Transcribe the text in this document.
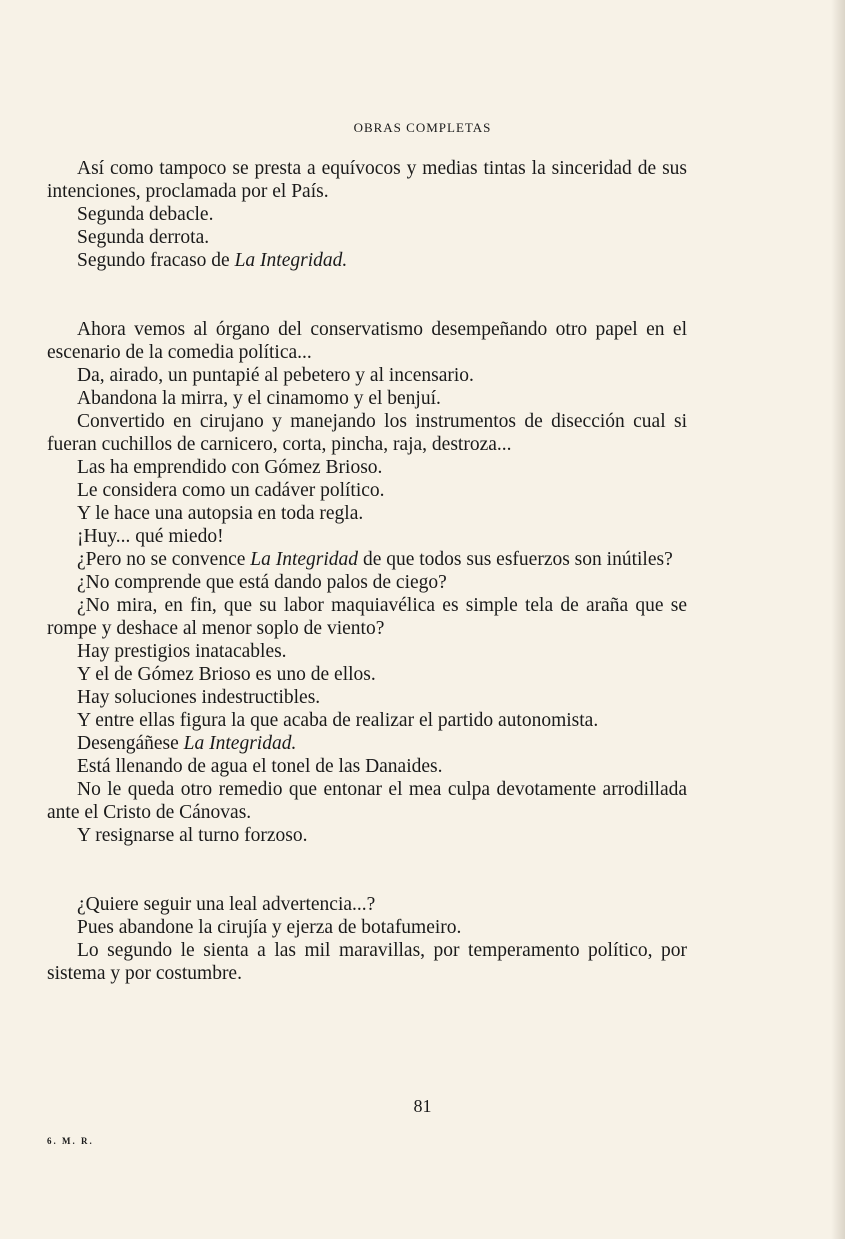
OBRAS COMPLETAS

Así como tampoco se presta a equívocos y medias tintas la sinceridad de sus intenciones, proclamada por el País.

Segunda debacle.

Segunda derrota.

Segundo fracaso de La Integridad.

Ahora vemos al órgano del conservatismo desempeñando otro papel en el escenario de la comedia política...

Da, airado, un puntapié al pebetero y al incensario.

Abandona la mirra, y el cinamomo y el benjuí.

Convertido en cirujano y manejando los instrumentos de disección cual si fueran cuchillos de carnicero, corta, pincha, raja, destroza...

Las ha emprendido con Gómez Brioso.

Le considera como un cadáver político.

Y le hace una autopsia en toda regla.

¡Huy... qué miedo!

¿Pero no se convence La Integridad de que todos sus esfuerzos son inútiles?

¿No comprende que está dando palos de ciego?

¿No mira, en fin, que su labor maquiavélica es simple tela de araña que se rompe y deshace al menor soplo de viento?

Hay prestigios inatacables.

Y el de Gómez Brioso es uno de ellos.

Hay soluciones indestructibles.

Y entre ellas figura la que acaba de realizar el partido autonomista.

Desengáñese La Integridad.

Está llenando de agua el tonel de las Danaides.

No le queda otro remedio que entonar el mea culpa devotamente arrodillada ante el Cristo de Cánovas.

Y resignarse al turno forzoso.

¿Quiere seguir una leal advertencia...?

Pues abandone la cirujía y ejerza de botafumeiro.

Lo segundo le sienta a las mil maravillas, por temperamento político, por sistema y por costumbre.

81
6. M. R.
